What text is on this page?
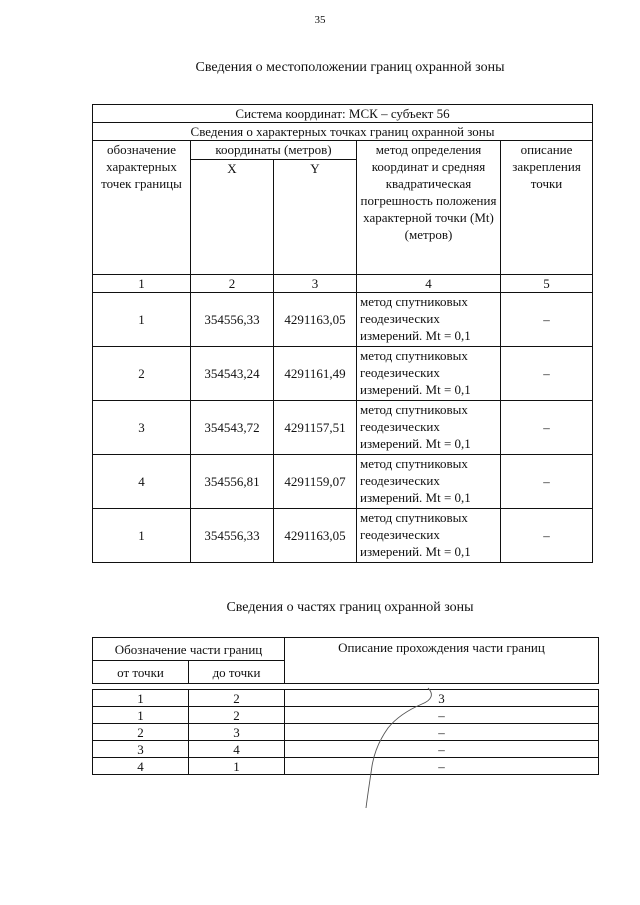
35
Сведения о местоположении границ охранной зоны
Система координат: МСК – субъект 56				
Сведения о характерных точках границ охранной зоны				
обозначение характерных точек границы	координаты (метров)		метод определения координат и средняя квадратическая погрешность положения характерной точки (Mt) (метров)	описание закрепления точки
	X	Y		
1	2	3	4	5
1	354556,33	4291163,05	метод спутниковых геодезических измерений. Mt = 0,1	–
2	354543,24	4291161,49	метод спутниковых геодезических измерений. Mt = 0,1	–
3	354543,72	4291157,51	метод спутниковых геодезических измерений. Mt = 0,1	–
4	354556,81	4291159,07	метод спутниковых геодезических измерений. Mt = 0,1	–
1	354556,33	4291163,05	метод спутниковых геодезических измерений. Mt = 0,1	–
Сведения о частях границ охранной зоны
Обозначение части границ		Описание прохождения части границ
от точки	до точки	

1	2	3
1	2	–
2	3	–
3	4	–
4	1	–
